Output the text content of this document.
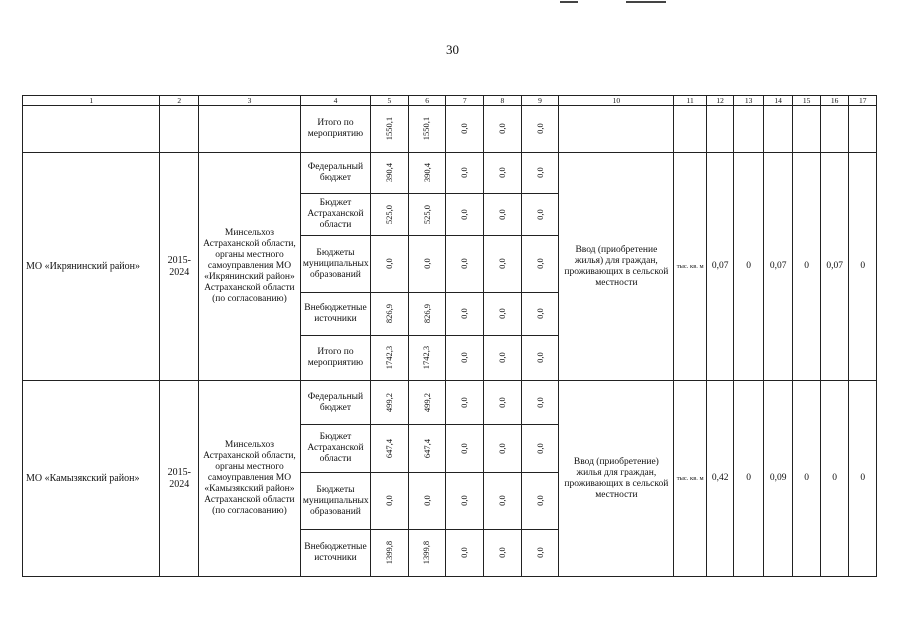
30
1	2	3	4	5	6	7	8	9	10	11	12	13	14	15	16	17
			Итого по мероприятию	1550,1	1550,1	0,0	0,0	0,0								
МО «Икрянинский район»	2015-2024	Минсельхоз Астраханской области, органы местного самоуправления МО «Икрянинский район» Астраханской области (по согласованию)	Федеральный бюджет	390,4	390,4	0,0	0,0	0,0	Ввод (приобретение жилья) для граждан, проживающих в сельской местности	тыс. кв. м	0,07	0	0,07	0	0,07	0
			Бюджет Астраханской области	525,0	525,0	0,0	0,0	0,0								
			Бюджеты муниципальных образований	0,0	0,0	0,0	0,0	0,0								
			Внебюджетные источники	826,9	826,9	0,0	0,0	0,0								
			Итого по мероприятию	1742,3	1742,3	0,0	0,0	0,0								
МО «Камызякский район»	2015-2024	Минсельхоз Астраханской области, органы местного самоуправления МО «Камызякский район» Астраханской области (по согласованию)	Федеральный бюджет	499,2	499,2	0,0	0,0	0,0	Ввод (приобретение) жилья для граждан, проживающих в сельской местности	тыс. кв. м	0,42	0	0,09	0	0	0
			Бюджет Астраханской области	647,4	647,4	0,0	0,0	0,0								
			Бюджеты муниципальных образований	0,0	0,0	0,0	0,0	0,0								
			Внебюджетные источники	1399,8	1399,8	0,0	0,0	0,0								
